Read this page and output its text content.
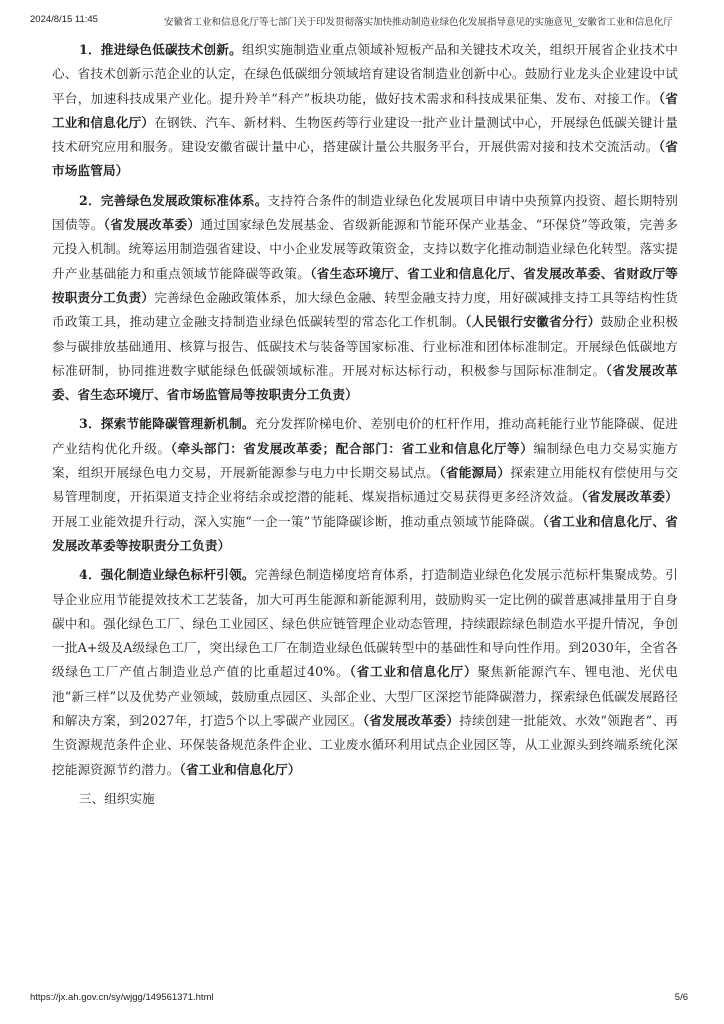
2024/8/15 11:45	安徽省工业和信息化厅等七部门关于印发贯彻落实加快推动制造业绿色化发展指导意见的实施意见_安徽省工业和信息化厅

1．推进绿色低碳技术创新。组织实施制造业重点领域补短板产品和关键技术攻关，组织开展省企业技术中心、省技术创新示范企业的认定，在绿色低碳细分领域培育建设省制造业创新中心。鼓励行业龙头企业建设中试平台，加速科技成果产业化。提升羚羊“科产”板块功能，做好技术需求和科技成果征集、发布、对接工作。（省工业和信息化厅）在钢铁、汽车、新材料、生物医药等行业建设一批产业计量测试中心，开展绿色低碳关键计量技术研究应用和服务。建设安徽省碳计量中心，搭建碳计量公共服务平台，开展供需对接和技术交流活动。（省市场监管局）

2．完善绿色发展政策标准体系。支持符合条件的制造业绿色化发展项目申请中央预算内投资、超长期特别国债等。（省发展改革委）通过国家绿色发展基金、省级新能源和节能环保产业基金、“环保贷”等政策，完善多元投入机制。统筹运用制造强省建设、中小企业发展等政策资金，支持以数字化推动制造业绿色化转型。落实提升产业基础能力和重点领域节能降碳等政策。（省生态环境厅、省工业和信息化厅、省发展改革委、省财政厅等按职责分工负责）完善绿色金融政策体系，加大绿色金融、转型金融支持力度，用好碳减排支持工具等结构性货币政策工具，推动建立金融支持制造业绿色低碳转型的常态化工作机制。（人民银行安徽省分行）鼓励企业积极参与碳排放基础通用、核算与报告、低碳技术与装备等国家标准、行业标准和团体标准制定。开展绿色低碳地方标准研制，协同推进数字赋能绿色低碳领域标准。开展对标达标行动，积极参与国际标准制定。（省发展改革委、省生态环境厅、省市场监管局等按职责分工负责）

3．探索节能降碳管理新机制。充分发挥阶梯电价、差别电价的杠杆作用，推动高耗能行业节能降碳、促进产业结构优化升级。（牵头部门：省发展改革委；配合部门：省工业和信息化厅等）编制绿色电力交易实施方案，组织开展绿色电力交易，开展新能源参与电力中长期交易试点。（省能源局）探索建立用能权有偿使用与交易管理制度，开拓渠道支持企业将结余或挖潜的能耗、煤炭指标通过交易获得更多经济效益。（省发展改革委）开展工业能效提升行动，深入实施“一企一策”节能降碳诊断，推动重点领域节能降碳。（省工业和信息化厅、省发展改革委等按职责分工负责）

4．强化制造业绿色标杆引领。完善绿色制造梯度培育体系，打造制造业绿色化发展示范标杆集聚成势。引导企业应用节能提效技术工艺装备，加大可再生能源和新能源利用，鼓励购买一定比例的碳普惠减排量用于自身碳中和。强化绿色工厂、绿色工业园区、绿色供应链管理企业动态管理，持续跟踪绿色制造水平提升情况，争创一批A+级及A级绿色工厂，突出绿色工厂在制造业绿色低碳转型中的基础性和导向性作用。到2030年，全省各级绿色工厂产值占制造业总产值的比重超过40%。（省工业和信息化厅）聚焦新能源汽车、锂电池、光伏电池“新三样”以及优势产业领域，鼓励重点园区、头部企业、大型厂区深挖节能降碳潜力，探索绿色低碳发展路径和解决方案，到2027年，打造5个以上零碳产业园区。（省发展改革委）持续创建一批能效、水效“领跑者”、再生资源规范条件企业、环保装备规范条件企业、工业废水循环利用试点企业园区等，从工业源头到终端系统化深挖能源资源节约潜力。（省工业和信息化厅）

三、组织实施

https://jx.ah.gov.cn/sy/wjgg/149561371.html	5/6
